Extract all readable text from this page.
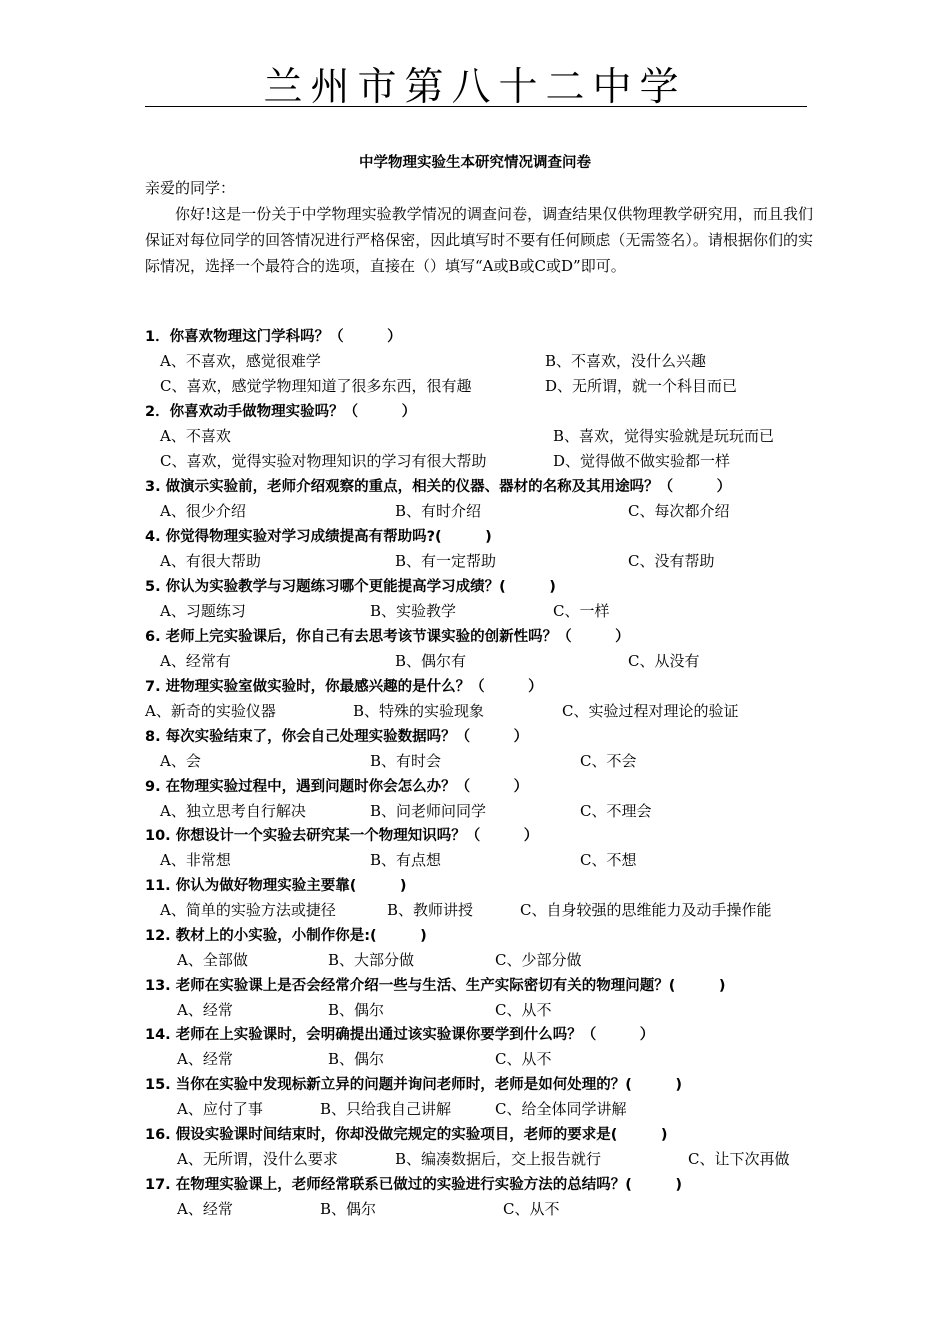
兰州市第八十二中学
中学物理实验生本研究情况调查问卷
亲爱的同学：
你好!这是一份关于中学物理实验教学情况的调查问卷，调查结果仅供物理教学研究用，而且我们保证对每位同学的回答情况进行严格保密，因此填写时不要有任何顾虑（无需签名）。请根据你们的实际情况，选择一个最符合的选项，直接在（）填写“A或B或C或D”即可。
1．你喜欢物理这门学科吗？（　　　）
A、不喜欢，感觉很难学	B、不喜欢，没什么兴趣
C、喜欢，感觉学物理知道了很多东西，很有趣	D、无所谓，就一个科目而已
2．你喜欢动手做物理实验吗？（　　　）
A、不喜欢	B、喜欢，觉得实验就是玩玩而已
C、喜欢，觉得实验对物理知识的学习有很大帮助	D、觉得做不做实验都一样
3. 做演示实验前，老师介绍观察的重点，相关的仪器、器材的名称及其用途吗？（　　　）
A、很少介绍	B、有时介绍	C、每次都介绍
4. 你觉得物理实验对学习成绩提高有帮助吗?(　　　)
A、有很大帮助	B、有一定帮助	C、没有帮助
5. 你认为实验教学与习题练习哪个更能提高学习成绩？(　　　)
A、习题练习	B、实验教学	C、一样
6. 老师上完实验课后，你自己有去思考该节课实验的创新性吗？（　　　）
A、经常有	B、偶尔有	C、从没有
7. 进物理实验室做实验时，你最感兴趣的是什么？（　　　）
A、新奇的实验仪器	B、特殊的实验现象	C、实验过程对理论的验证
8. 每次实验结束了，你会自己处理实验数据吗？（　　　）
A、会	B、有时会	C、不会
9. 在物理实验过程中，遇到问题时你会怎么办？（　　　）
A、独立思考自行解决	B、问老师问同学	C、不理会
10. 你想设计一个实验去研究某一个物理知识吗？（　　　）
A、非常想	B、有点想	C、不想
11. 你认为做好物理实验主要靠(　　　)
A、简单的实验方法或捷径	B、教师讲授	C、自身较强的思维能力及动手操作能
12. 教材上的小实验，小制作你是:(　　　)
A、全部做	B、大部分做	C、少部分做
13. 老师在实验课上是否会经常介绍一些与生活、生产实际密切有关的物理问题？(　　　)
A、经常	B、偶尔	C、从不
14. 老师在上实验课时，会明确提出通过该实验课你要学到什么吗？（　　　）
A、经常	B、偶尔	C、从不
15. 当你在实验中发现标新立异的问题并询问老师时，老师是如何处理的？(　　　)
A、应付了事	B、只给我自己讲解	C、给全体同学讲解
16. 假设实验课时间结束时，你却没做完规定的实验项目，老师的要求是(　　　)
A、无所谓，没什么要求	B、编凑数据后，交上报告就行	C、让下次再做
17. 在物理实验课上，老师经常联系已做过的实验进行实验方法的总结吗？(　　　)
A、经常	B、偶尔	C、从不
